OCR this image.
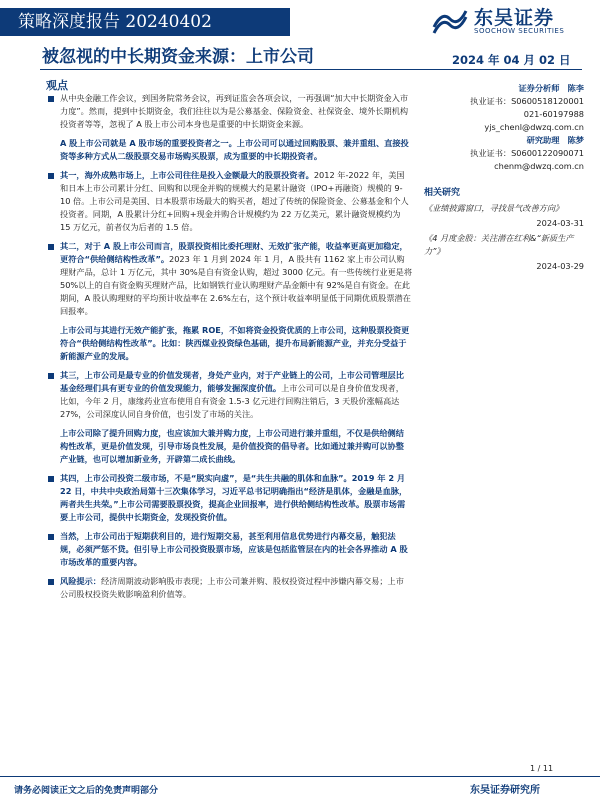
策略深度报告 20240402	东吴证券
SOOCHOW SECURITIES
被忽视的中长期资金来源：上市公司	2024 年 04 月 02 日
观点

从中央金融工作会议，到国务院常务会议，再到证监会各项会议，一再强调“加大中长期资金入市力度”。然而，提到中长期资金，我们往往以为是公募基金、保险资金、社保资金、境外长期机构投资者等等，忽视了 A 股上市公司本身也是重要的中长期资金来源。

A 股上市公司就是 A 股市场的重要投资者之一。上市公司可以通过回购股票、兼并重组、直接投资等多种方式从二级股票交易市场购买股票，成为重要的中长期投资者。

其一，海外成熟市场上，上市公司往往是投入金额最大的股票投资者。2012 年-2022 年，美国和日本上市公司累计分红、回购和以现金并购的规模大约是累计融资（IPO+再融资）规模的 9-10 倍。上市公司是美国、日本股票市场最大的购买者，超过了传统的保险资金、公募基金和个人投资者。同期，A 股累计分红+回购+现金并购合计规模约为 22 万亿美元，累计融资规模约为 15 万亿元，前者仅为后者的 1.5 倍。

其二，对于 A 股上市公司而言，股票投资相比委托理财、无效扩张产能，收益率更高更加稳定，更符合“供给侧结构性改革”。2023 年 1 月到 2024 年 1 月，A 股共有 1162 家上市公司认购理财产品，总计 1 万亿元，其中 30%是自有资金认购，超过 3000 亿元。有一些传统行业更是将 50%以上的自有资金购买理财产品，比如钢铁行业认购理财产品金额中有 92%是自有资金。在此期间，A 股认购理财的平均预计收益率在 2.6%左右，这个预计收益率明显低于同期优质股票潜在回报率。

上市公司与其进行无效产能扩张，拖累 ROE，不如将资金投资优质的上市公司，这种股票投资更符合“供给侧结构性改革”。比如：陕西煤业投资绿色基础，提升布局新能源产业，并充分受益于新能源产业的发展。

其三，上市公司是最专业的价值发现者，身处产业内，对于产业链上的公司，上市公司管理层比基金经理们具有更专业的价值发现能力，能够发掘深度价值。上市公司可以是自身价值发现者，比如，今年 2 月，康缘药业宣布使用自有资金 1.5-3 亿元进行回购注销后，3 天股价涨幅高达 27%，公司深度认同自身价值，也引发了市场的关注。

上市公司除了提升回购力度，也应该加大兼并购力度，上市公司进行兼并重组，不仅是供给侧结构性改革，更是价值发现，引导市场良性发展，是价值投资的倡导者。比如通过兼并购可以协整产业链，也可以增加新业务，开辟第二成长曲线。

其四，上市公司投资二级市场，不是“脱实向虚”，是“共生共融的肌体和血脉”。2019 年 2 月 22 日，中共中央政治局第十三次集体学习，习近平总书记明确指出“经济是肌体，金融是血脉，两者共生共荣。”上市公司需要股票投资，提高企业回报率，进行供给侧结构性改革。股票市场需要上市公司，提供中长期资金，发现投资价值。

当然，上市公司出于短期获利目的，进行短期交易，甚至利用信息优势进行内幕交易，触犯法规，必须严惩不贷。但引导上市公司投资股票市场，应该是包括监管层在内的社会各界推动 A 股市场改革的重要内容。

风险提示：经济周期波动影响股市表现；上市公司兼并购、股权投资过程中涉嫌内幕交易；上市公司股权投资失败影响盈利价值等。

证券分析师　陈李
执业证书：S0600518120001
021-60197988
yjs_chenl@dwzq.com.cn
研究助理　陈梦
执业证书：S0600122090071
chenm@dwzq.com.cn
相关研究
《业绩披露窗口，寻找景气改善方向》
2024-03-31
《4 月度金股：关注潜在红利&“新质生产力”》
2024-03-29
1 / 11
请务必阅读正文之后的免责声明部分	东吴证券研究所
